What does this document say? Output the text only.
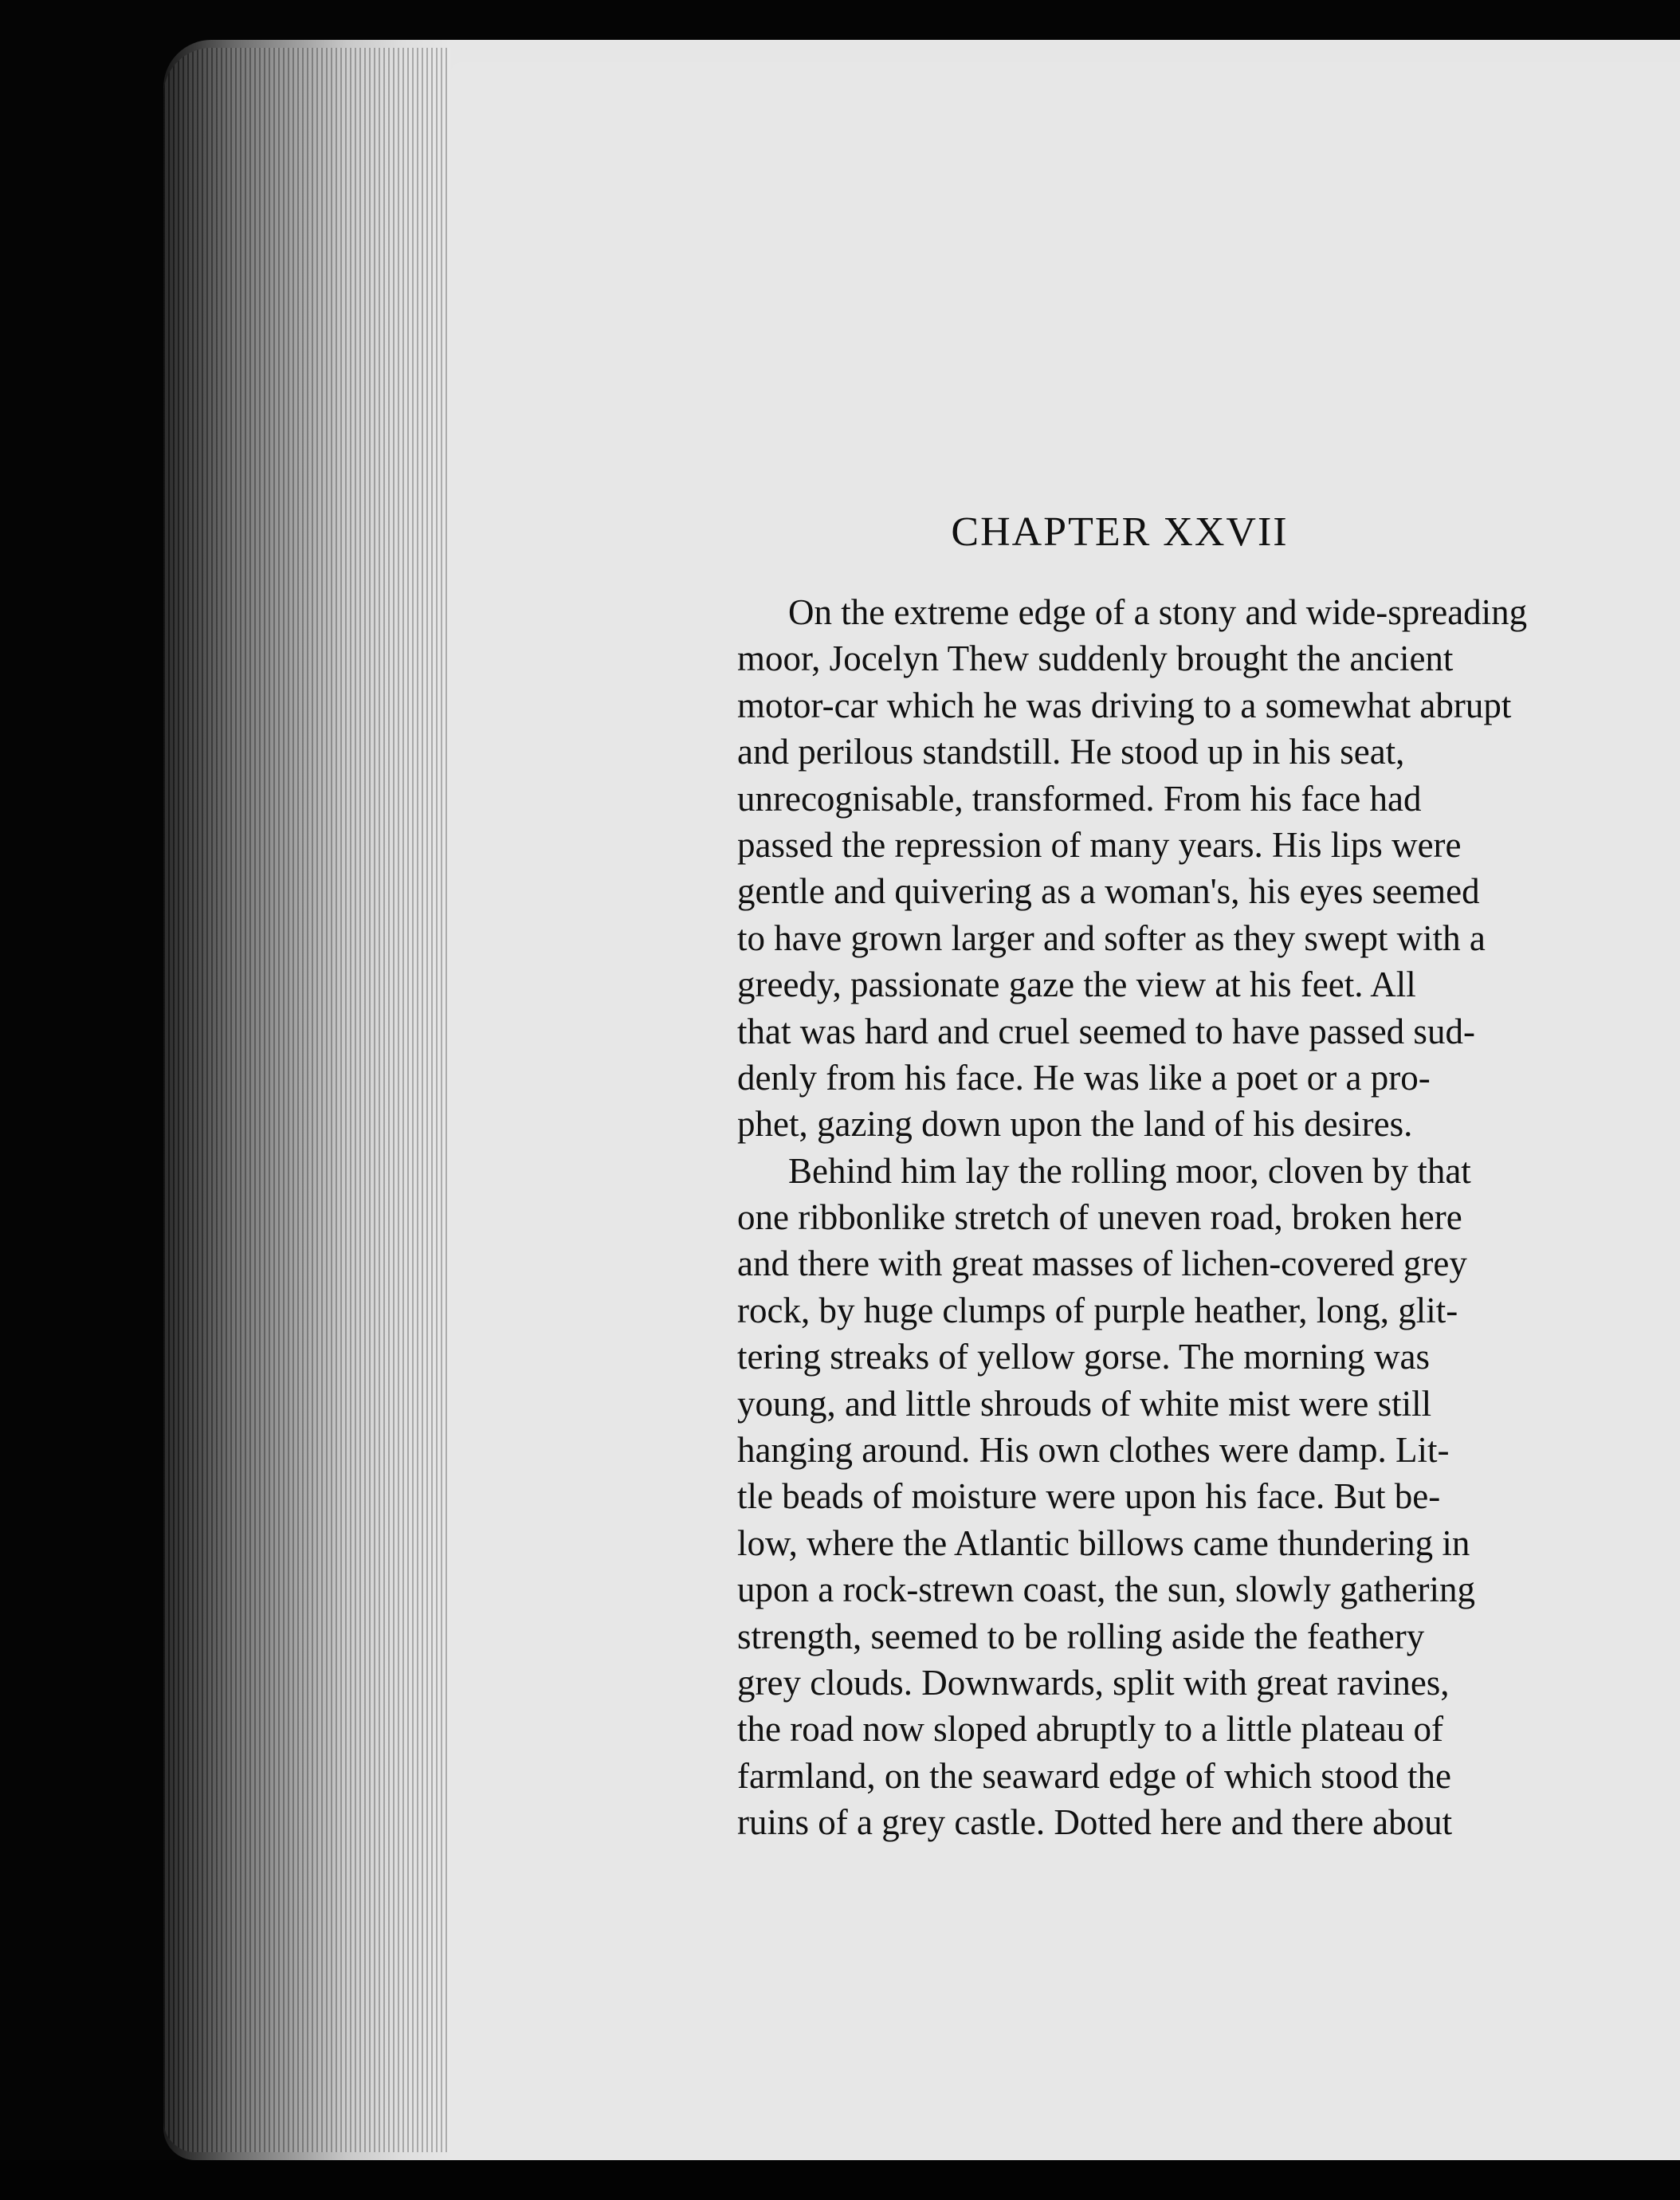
CHAPTER XXVII

On the extreme edge of a stony and wide-spreading

moor, Jocelyn Thew suddenly brought the ancient

motor-car which he was driving to a somewhat abrupt

and perilous standstill. He stood up in his seat,

unrecognisable, transformed. From his face had

passed the repression of many years. His lips were

gentle and quivering as a woman's, his eyes seemed

to have grown larger and softer as they swept with a

greedy, passionate gaze the view at his feet. All

that was hard and cruel seemed to have passed sud-

denly from his face. He was like a poet or a pro-

phet, gazing down upon the land of his desires.

Behind him lay the rolling moor, cloven by that

one ribbonlike stretch of uneven road, broken here

and there with great masses of lichen-covered grey

rock, by huge clumps of purple heather, long, glit-

tering streaks of yellow gorse. The morning was

young, and little shrouds of white mist were still

hanging around. His own clothes were damp. Lit-

tle beads of moisture were upon his face. But be-

low, where the Atlantic billows came thundering in

upon a rock-strewn coast, the sun, slowly gathering

strength, seemed to be rolling aside the feathery

grey clouds. Downwards, split with great ravines,

the road now sloped abruptly to a little plateau of

farmland, on the seaward edge of which stood the

ruins of a grey castle. Dotted here and there about
